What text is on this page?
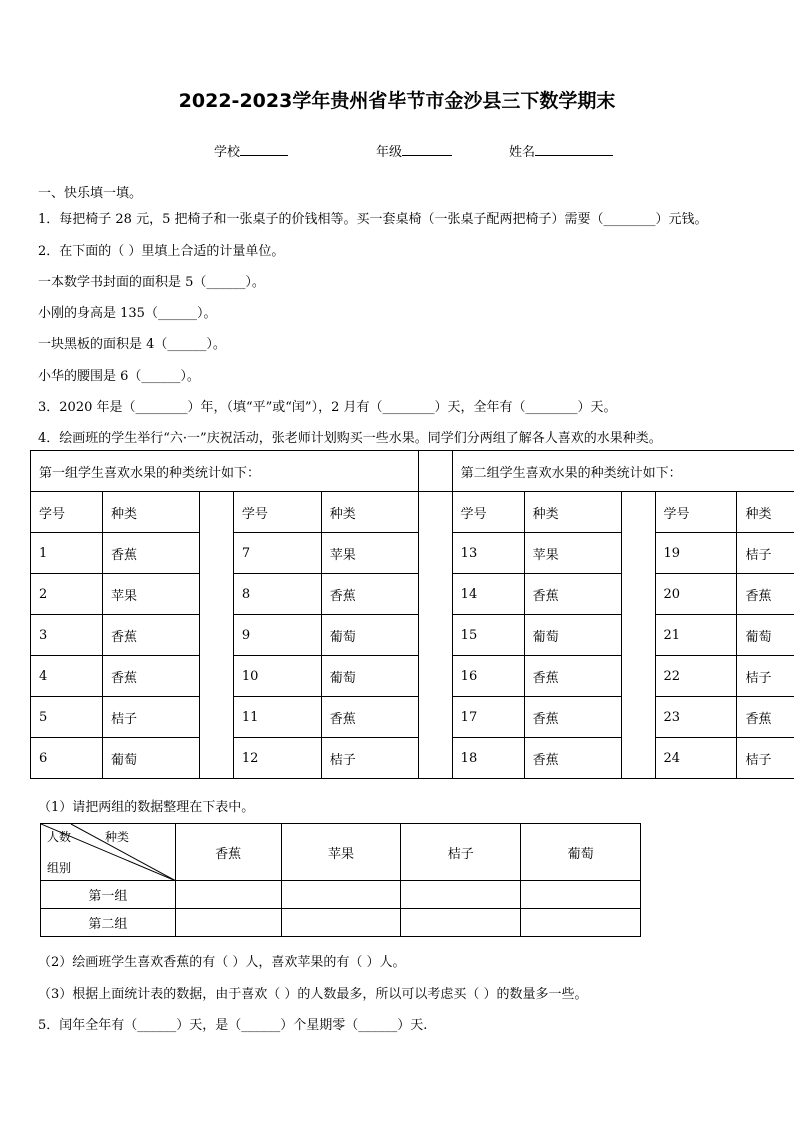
2022-2023学年贵州省毕节市金沙县三下数学期末
学校	年级	姓名
一、快乐填一填。
1．每把椅子 28 元，5 把椅子和一张桌子的价钱相等。买一套桌椅（一张桌子配两把椅子）需要（________）元钱。
2．在下面的（ ）里填上合适的计量单位。
一本数学书封面的面积是 5（______）。
小刚的身高是 135（______）。
一块黑板的面积是 4（______）。
小华的腰围是 6（______）。
3．2020 年是（________）年，（填“平”或“闰”），2 月有（________）天，全年有（________）天。
4．绘画班的学生举行“六·一”庆祝活动，张老师计划购买一些水果。同学们分两组了解各人喜欢的水果种类。
第一组学生喜欢水果的种类统计如下：						第二组学生喜欢水果的种类统计如下：				
学号	种类		学号	种类		学号	种类		学号	种类
1	香蕉		7	苹果		13	苹果		19	桔子
2	苹果		8	香蕉		14	香蕉		20	香蕉
3	香蕉		9	葡萄		15	葡萄		21	葡萄
4	香蕉		10	葡萄		16	香蕉		22	桔子
5	桔子		11	香蕉		17	香蕉		23	香蕉
6	葡萄		12	桔子		18	香蕉		24	桔子
（1）请把两组的数据整理在下表中。
人数 种类
组别	香蕉	苹果	桔子	葡萄
第一组				
第二组				
（2）绘画班学生喜欢香蕉的有（ ）人，喜欢苹果的有（ ）人。
（3）根据上面统计表的数据，由于喜欢（ ）的人数最多，所以可以考虑买（ ）的数量多一些。
5．闰年全年有（______）天，是（______）个星期零（______）天.
